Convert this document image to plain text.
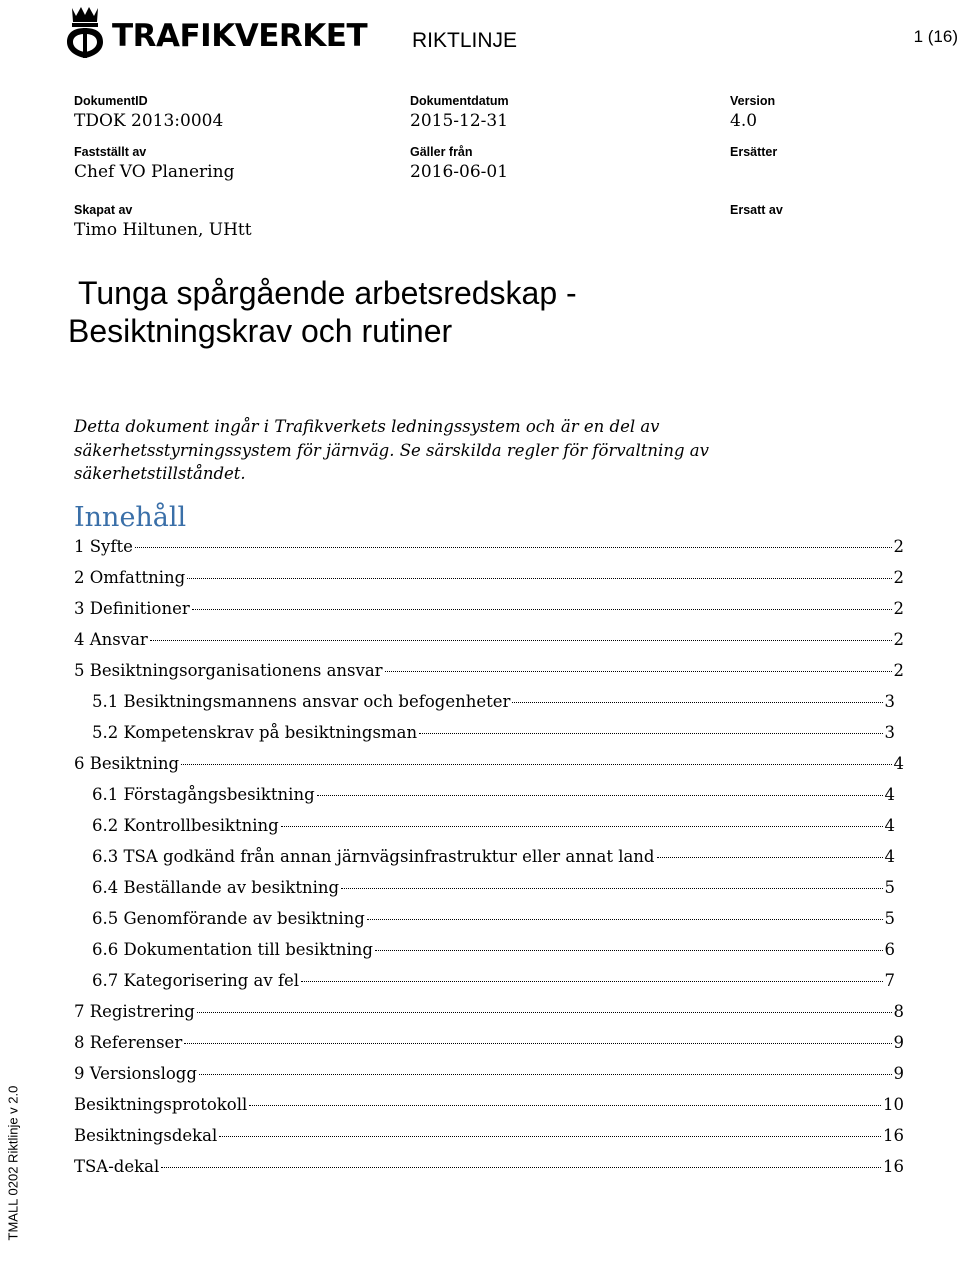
TRAFIKVERKET RIKTLINJE	1 (16)
DokumentID
TDOK 2013:0004
Dokumentdatum
2015-12-31
Version
4.0
Fastställt av
Chef VO Planering
Gäller från
2016-06-01
Ersätter
Skapat av
Timo Hiltunen, UHtt
Ersatt av
Tunga spårgående arbetsredskap -
Besiktningskrav och rutiner

Detta dokument ingår i Trafikverkets ledningssystem och är en del av säkerhetsstyrningssystem för järnväg. Se särskilda regler för förvaltning av säkerhetstillståndet.

Innehåll
1 Syfte	2
2 Omfattning	2
3 Definitioner	2
4 Ansvar	2
5 Besiktningsorganisationens ansvar	2
5.1 Besiktningsmannens ansvar och befogenheter	3
5.2 Kompetenskrav på besiktningsman	3
6 Besiktning	4
6.1 Förstagångsbesiktning	4
6.2 Kontrollbesiktning	4
6.3 TSA godkänd från annan järnvägsinfrastruktur eller annat land	4
6.4 Beställande av besiktning	5
6.5 Genomförande av besiktning	5
6.6 Dokumentation till besiktning	6
6.7 Kategorisering av fel	7
7 Registrering	8
8 Referenser	9
9 Versionslogg	9
Besiktningsprotokoll	10
Besiktningsdekal	16
TSA-dekal	16
TMALL 0202 Riktlinje v 2.0
